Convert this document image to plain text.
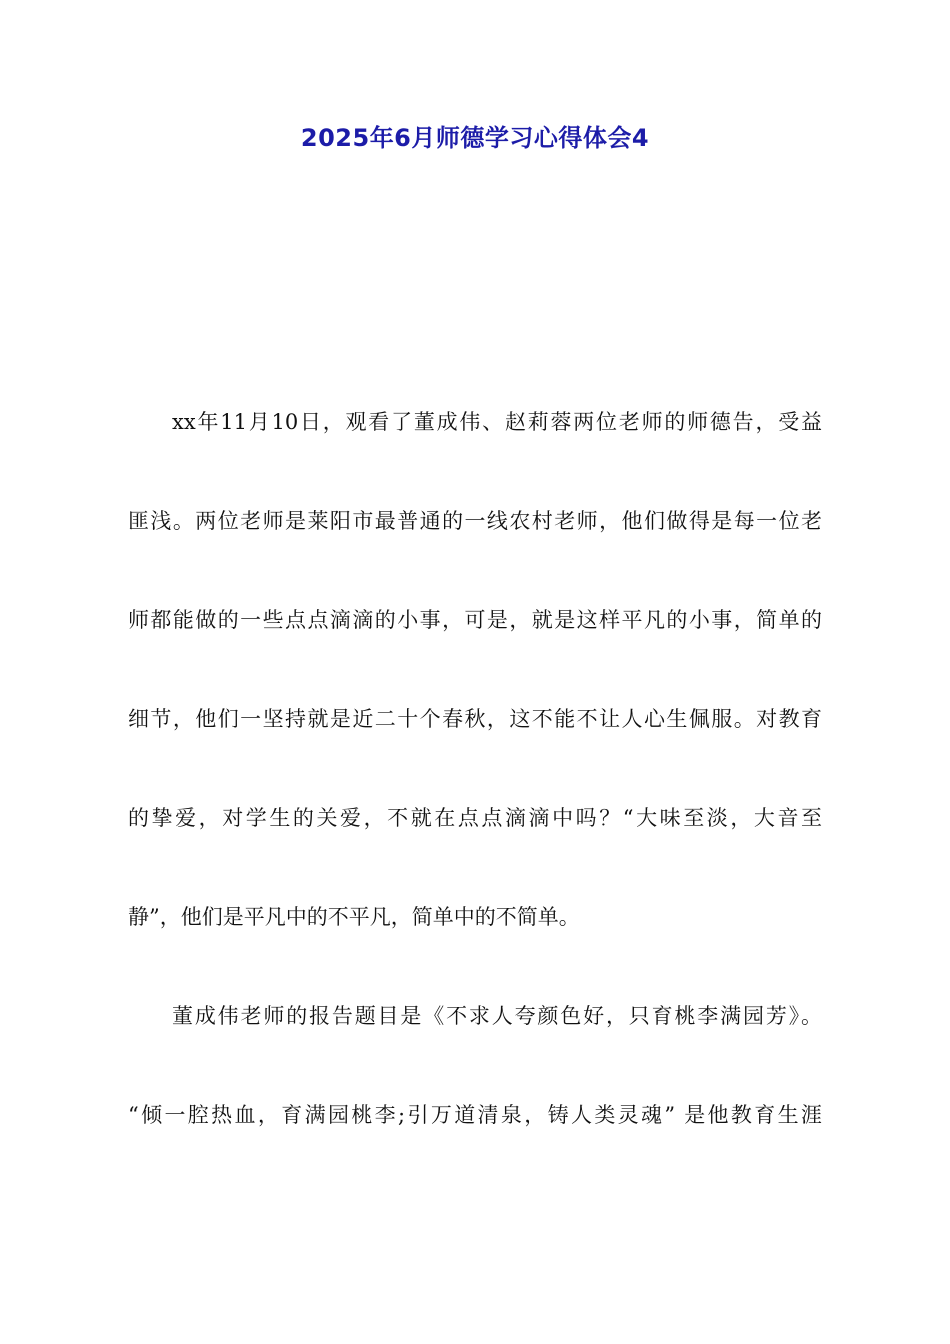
2025年6月师德学习心得体会4
xx年11月10日，观看了董成伟、赵莉蓉两位老师的师德告，受益
匪浅。两位老师是莱阳市最普通的一线农村老师，他们做得是每一位老
师都能做的一些点点滴滴的小事，可是，就是这样平凡的小事，简单的
细节，他们一坚持就是近二十个春秋，这不能不让人心生佩服。对教育
的挚爱，对学生的关爱，不就在点点滴滴中吗？“大味至淡，大音至
静”，他们是平凡中的不平凡，简单中的不简单。
董成伟老师的报告题目是《不求人夸颜色好，只育桃李满园芳》。
“倾一腔热血，育满园桃李;引万道清泉，铸人类灵魂” 是他教育生涯
